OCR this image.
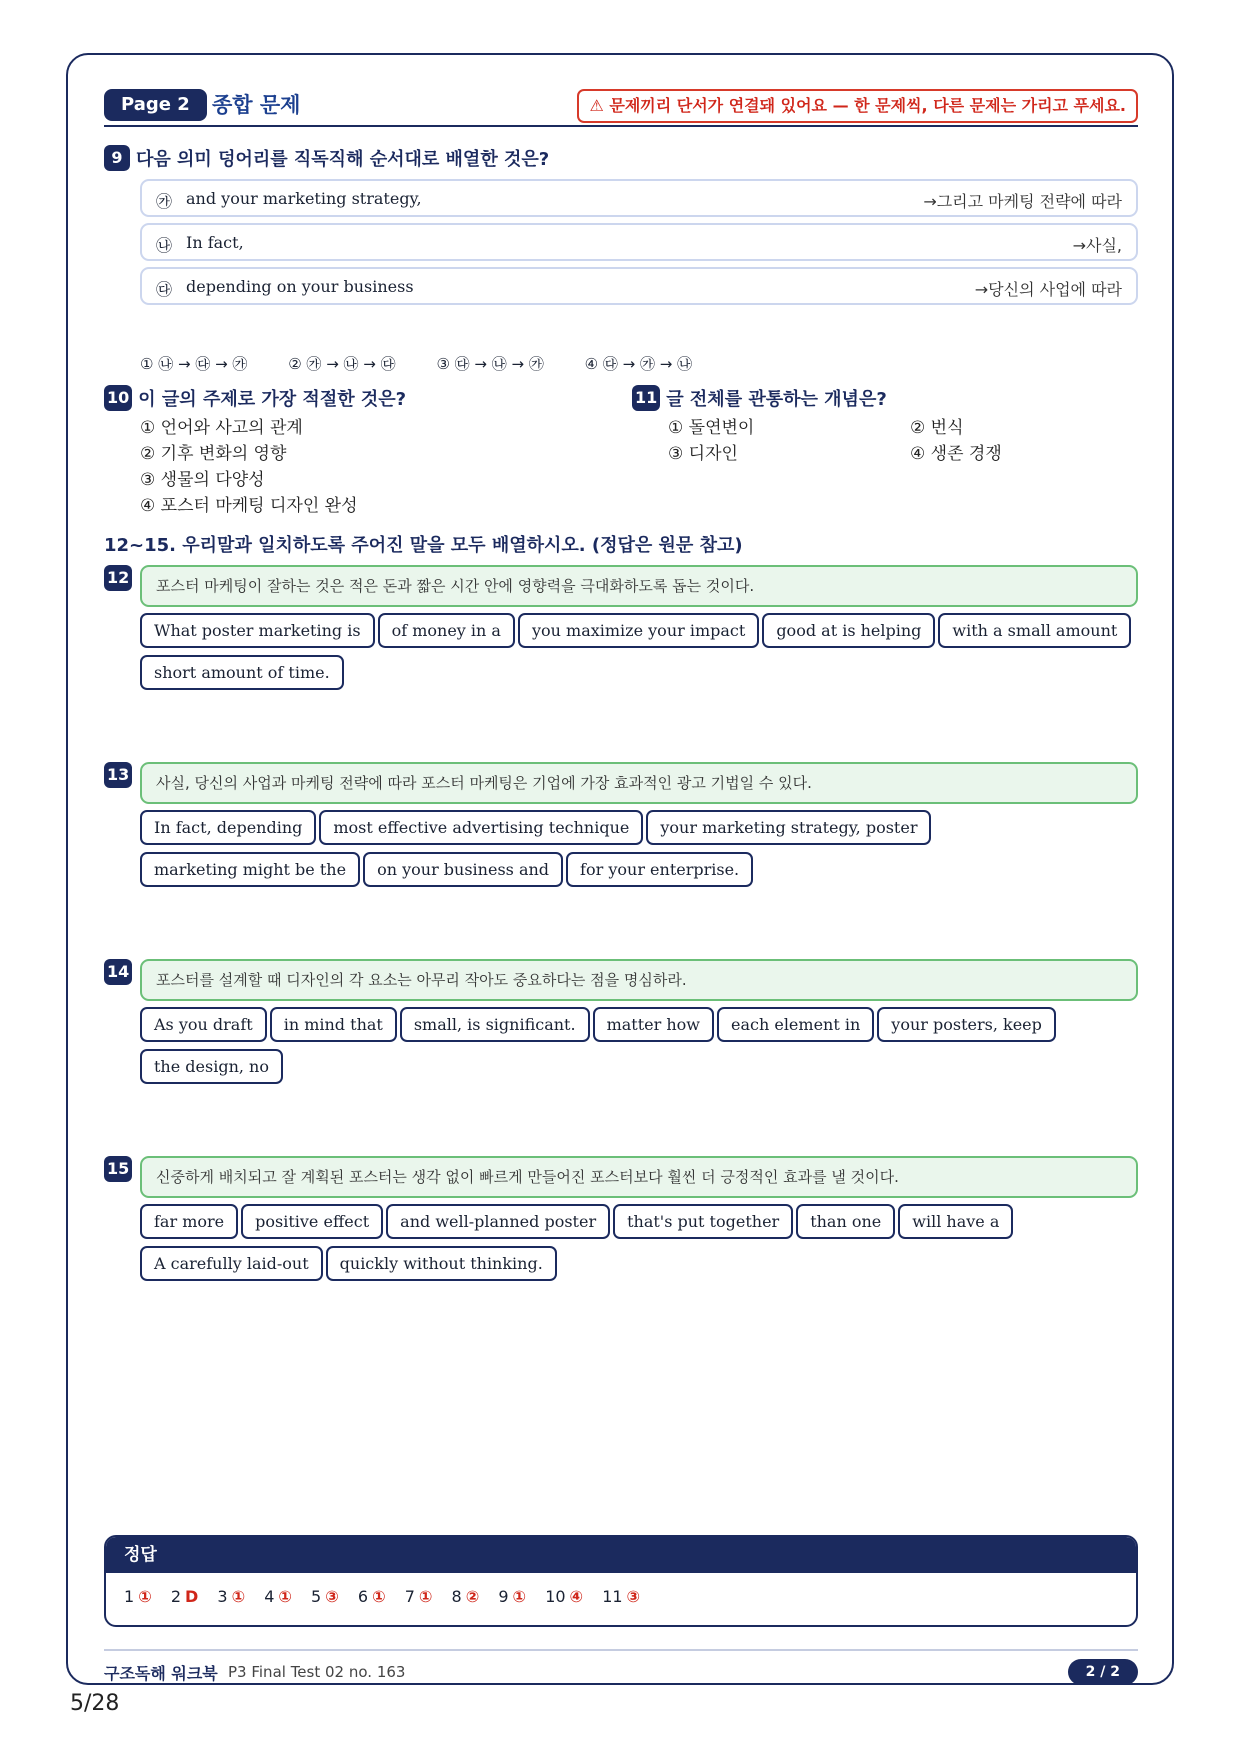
Page 2	종합 문제	⚠ 문제끼리 단서가 연결돼 있어요 — 한 문제씩, 다른 문제는 가리고 푸세요.
9 다음 의미 덩어리를 직독직해 순서대로 배열한 것은?
㉮ and your marketing strategy,	→그리고 마케팅 전략에 따라
㉯ In fact,	→사실,
㉰ depending on your business	→당신의 사업에 따라
① ㉯ → ㉰ → ㉮	② ㉮ → ㉯ → ㉰	③ ㉰ → ㉯ → ㉮	④ ㉰ → ㉮ → ㉯
10 이 글의 주제로 가장 적절한 것은?
① 언어와 사고의 관계
② 기후 변화의 영향
③ 생물의 다양성
④ 포스터 마케팅 디자인 완성
11 글 전체를 관통하는 개념은?
① 돌연변이	② 번식
③ 디자인	④ 생존 경쟁
12~15. 우리말과 일치하도록 주어진 말을 모두 배열하시오. (정답은 원문 참고)
12	포스터 마케팅이 잘하는 것은 적은 돈과 짧은 시간 안에 영향력을 극대화하도록 돕는 것이다.
What poster marketing is of money in a you maximize your impact good at is helping with a small amountshort amount of time.
13	사실, 당신의 사업과 마케팅 전략에 따라 포스터 마케팅은 기업에 가장 효과적인 광고 기법일 수 있다.
In fact, depending most effective advertising technique your marketing strategy, postermarketing might be the on your business and for your enterprise.
14	포스터를 설계할 때 디자인의 각 요소는 아무리 작아도 중요하다는 점을 명심하라.
As you draft in mind that small, is significant. matter how each element in your posters, keepthe design, no
15	신중하게 배치되고 잘 계획된 포스터는 생각 없이 빠르게 만들어진 포스터보다 훨씬 더 긍정적인 효과를 낼 것이다.
far more positive effect and well-planned poster that's put together than one will have aA carefully laid-out quickly without thinking.
정답
1 ① 2 D 3 ① 4 ① 5 ③ 6 ① 7 ① 8 ② 9 ① 10 ④ 11 ③
구조독해 워크북 P3 Final Test 02 no. 163	2 / 2
5/28
